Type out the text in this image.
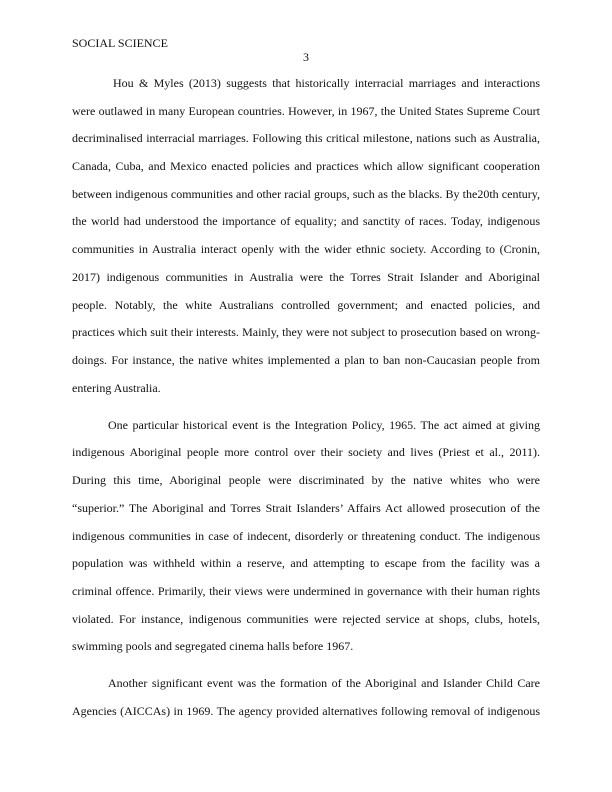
SOCIAL SCIENCE
3
Hou & Myles (2013) suggests that historically interracial marriages and interactions
were outlawed in many European countries. However, in 1967, the United States Supreme Court
decriminalised interracial marriages. Following this critical milestone, nations such as Australia,
Canada, Cuba, and Mexico enacted policies and practices which allow significant cooperation
between indigenous communities and other racial groups, such as the blacks. By the20th century,
the world had understood the importance of equality; and sanctity of races. Today, indigenous
communities in Australia interact openly with the wider ethnic society. According to (Cronin,
2017) indigenous communities in Australia were the Torres Strait Islander and Aboriginal
people. Notably, the white Australians controlled government; and enacted policies, and
practices which suit their interests. Mainly, they were not subject to prosecution based on wrong-
doings. For instance, the native whites implemented a plan to ban non-Caucasian people from
entering Australia.
One particular historical event is the Integration Policy, 1965. The act aimed at giving
indigenous Aboriginal people more control over their society and lives (Priest et al., 2011).
During this time, Aboriginal people were discriminated by the native whites who were
“superior.” The Aboriginal and Torres Strait Islanders’ Affairs Act allowed prosecution of the
indigenous communities in case of indecent, disorderly or threatening conduct. The indigenous
population was withheld within a reserve, and attempting to escape from the facility was a
criminal offence. Primarily, their views were undermined in governance with their human rights
violated. For instance, indigenous communities were rejected service at shops, clubs, hotels,
swimming pools and segregated cinema halls before 1967.
Another significant event was the formation of the Aboriginal and Islander Child Care
Agencies (AICCAs) in 1969. The agency provided alternatives following removal of indigenous
